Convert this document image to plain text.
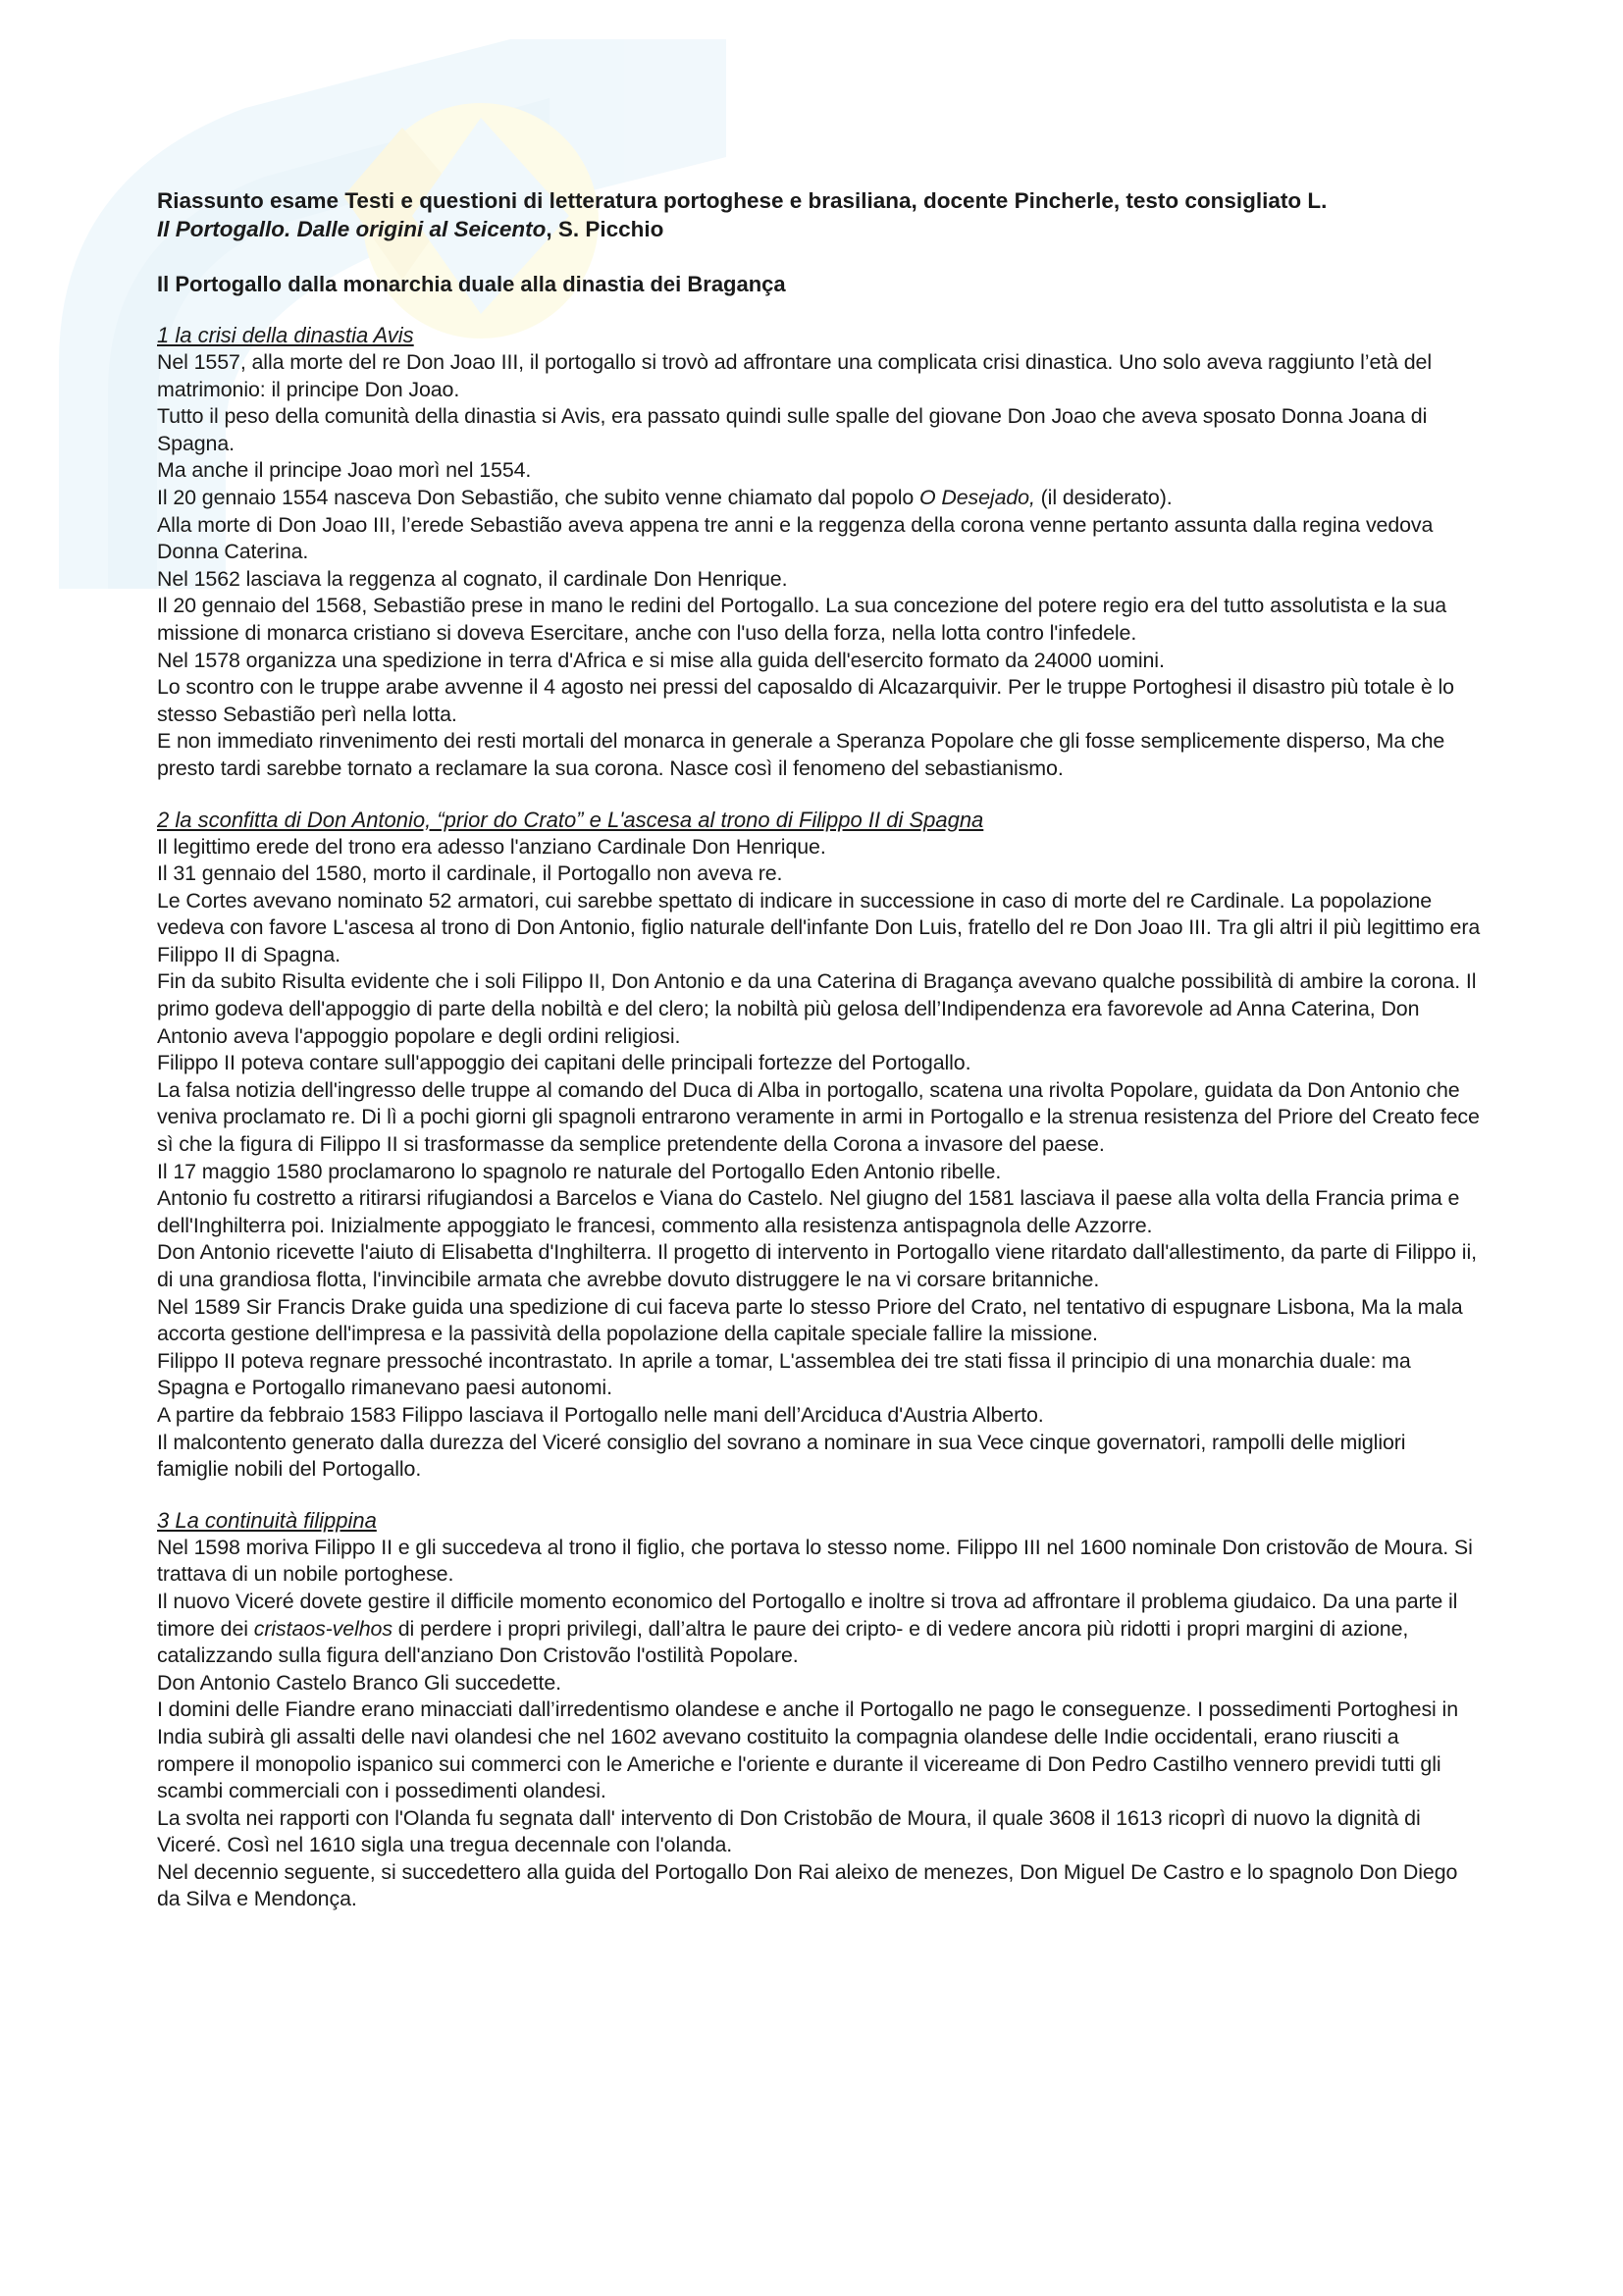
Riassunto esame Testi e questioni di letteratura portoghese e brasiliana, docente Pincherle, testo consigliato L.
Il Portogallo. Dalle origini al Seicento, S. Picchio

Il Portogallo dalla monarchia duale alla dinastia dei Bragança

1 la crisi della dinastia Avis

Nel 1557, alla morte del re Don Joao III, il portogallo si trovò ad affrontare una complicata crisi dinastica. Uno solo aveva raggiunto l’età del matrimonio: il principe Don Joao.

Tutto il peso della comunità della dinastia si Avis, era passato quindi sulle spalle del giovane Don Joao che aveva sposato Donna Joana di Spagna.

Ma anche il principe Joao morì nel 1554.

Il 20 gennaio 1554 nasceva Don Sebastião, che subito venne chiamato dal popolo O Desejado, (il desiderato).

Alla morte di Don Joao III, l’erede Sebastião aveva appena tre anni e la reggenza della corona venne pertanto assunta dalla regina vedova Donna Caterina.

Nel 1562 lasciava la reggenza al cognato, il cardinale Don Henrique.

Il 20 gennaio del 1568, Sebastião prese in mano le redini del Portogallo. La sua concezione del potere regio era del tutto assolutista e la sua missione di monarca cristiano si doveva Esercitare, anche con l'uso della forza, nella lotta contro l'infedele.

Nel 1578 organizza una spedizione in terra d'Africa e si mise alla guida dell'esercito formato da 24000 uomini.

Lo scontro con le truppe arabe avvenne il 4 agosto nei pressi del caposaldo di Alcazarquivir. Per le truppe Portoghesi il disastro più totale è lo stesso Sebastião perì nella lotta.

E non immediato rinvenimento dei resti mortali del monarca in generale a Speranza Popolare che gli fosse semplicemente disperso, Ma che presto tardi sarebbe tornato a reclamare la sua corona. Nasce così il fenomeno del sebastianismo.

2 la sconfitta di Don Antonio, “prior do Crato” e L'ascesa al trono di Filippo II di Spagna

Il legittimo erede del trono era adesso l'anziano Cardinale Don Henrique.

Il 31 gennaio del 1580, morto il cardinale, il Portogallo non aveva re.

Le Cortes avevano nominato 52 armatori, cui sarebbe spettato di indicare in successione in caso di morte del re Cardinale. La popolazione vedeva con favore L'ascesa al trono di Don Antonio, figlio naturale dell'infante Don Luis, fratello del re Don Joao III. Tra gli altri il più legittimo era Filippo II di Spagna.

Fin da subito Risulta evidente che i soli Filippo II, Don Antonio e da una Caterina di Bragança avevano qualche possibilità di ambire la corona. Il primo godeva dell'appoggio di parte della nobiltà e del clero; la nobiltà più gelosa dell’Indipendenza era favorevole ad Anna Caterina, Don Antonio aveva l'appoggio popolare e degli ordini religiosi.

Filippo II poteva contare sull'appoggio dei capitani delle principali fortezze del Portogallo.

La falsa notizia dell'ingresso delle truppe al comando del Duca di Alba in portogallo, scatena una rivolta Popolare, guidata da Don Antonio che veniva proclamato re. Di lì a pochi giorni gli spagnoli entrarono veramente in armi in Portogallo e la strenua resistenza del Priore del Creato fece sì che la figura di Filippo II si trasformasse da semplice pretendente della Corona a invasore del paese.

Il 17 maggio 1580 proclamarono lo spagnolo re naturale del Portogallo Eden Antonio ribelle.

Antonio fu costretto a ritirarsi rifugiandosi a Barcelos e Viana do Castelo. Nel giugno del 1581 lasciava il paese alla volta della Francia prima e dell'Inghilterra poi. Inizialmente appoggiato le francesi, commento alla resistenza antispagnola delle Azzorre.

Don Antonio ricevette l'aiuto di Elisabetta d'Inghilterra. Il progetto di intervento in Portogallo viene ritardato dall'allestimento, da parte di Filippo ii, di una grandiosa flotta, l'invincibile armata che avrebbe dovuto distruggere le na vi corsare britanniche.

Nel 1589 Sir Francis Drake guida una spedizione di cui faceva parte lo stesso Priore del Crato, nel tentativo di espugnare Lisbona, Ma la mala accorta gestione dell'impresa e la passività della popolazione della capitale speciale fallire la missione.

Filippo II poteva regnare pressoché incontrastato. In aprile a tomar, L'assemblea dei tre stati fissa il principio di una monarchia duale: ma Spagna e Portogallo rimanevano paesi autonomi.

A partire da febbraio 1583 Filippo lasciava il Portogallo nelle mani dell’Arciduca d'Austria Alberto.

Il malcontento generato dalla durezza del Viceré consiglio del sovrano a nominare in sua Vece cinque governatori, rampolli delle migliori famiglie nobili del Portogallo.

3 La continuità filippina

Nel 1598 moriva Filippo II e gli succedeva al trono il figlio, che portava lo stesso nome. Filippo III nel 1600 nominale Don cristovão de Moura. Si trattava di un nobile portoghese.

Il nuovo Viceré dovete gestire il difficile momento economico del Portogallo e inoltre si trova ad affrontare il problema giudaico. Da una parte il timore dei cristaos-velhos di perdere i propri privilegi, dall’altra le paure dei cripto- e di vedere ancora più ridotti i propri margini di azione, catalizzando sulla figura dell'anziano Don Cristovão l'ostilità Popolare.

Don Antonio Castelo Branco Gli succedette.

I domini delle Fiandre erano minacciati dall’irredentismo olandese e anche il Portogallo ne pago le conseguenze. I possedimenti Portoghesi in India subirà gli assalti delle navi olandesi che nel 1602 avevano costituito la compagnia olandese delle Indie occidentali, erano riusciti a rompere il monopolio ispanico sui commerci con le Americhe e l'oriente e durante il vicereame di Don Pedro Castilho vennero previdi tutti gli scambi commerciali con i possedimenti olandesi.

La svolta nei rapporti con l'Olanda fu segnata dall' intervento di Don Cristobão de Moura, il quale 3608 il 1613 ricoprì di nuovo la dignità di Viceré. Così nel 1610 sigla una tregua decennale con l'olanda.

Nel decennio seguente, si succedettero alla guida del Portogallo Don Rai aleixo de menezes, Don Miguel De Castro e lo spagnolo Don Diego da Silva e Mendonça.
